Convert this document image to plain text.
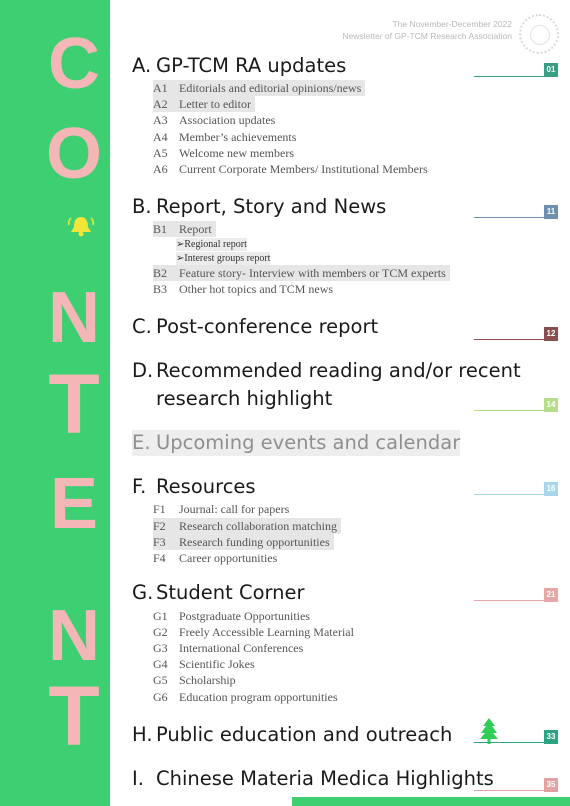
C
O
N
T
E
N
T
The November-December 2022
Newsletter of GP-TCM Research Association
A. GP-TCM RA updates	01
A1 Editorials and editorial opinions/news
A2 Letter to editor
A3 Association updates
A4 Member’s achievements
A5 Welcome new members
A6 Current Corporate Members/ Institutional Members
B. Report, Story and News	11
B1 Report
➢Regional report
➢Interest groups report
B2 Feature story- Interview with members or TCM experts
B3 Other hot topics and TCM news
C. Post-conference report	12
D. Recommended reading and/or recent
research highlight	14
E. Upcoming events and calendar
F. Resources	16
F1 Journal: call for papers
F2 Research collaboration matching
F3 Research funding opportunities
F4 Career opportunities
G. Student Corner	21
G1 Postgraduate Opportunities
G2 Freely Accessible Learning Material
G3 International Conferences
G4 Scientific Jokes
G5 Scholarship
G6 Education program opportunities
H. Public education and outreach	33
I. Chinese Materia Medica Highlights	35
